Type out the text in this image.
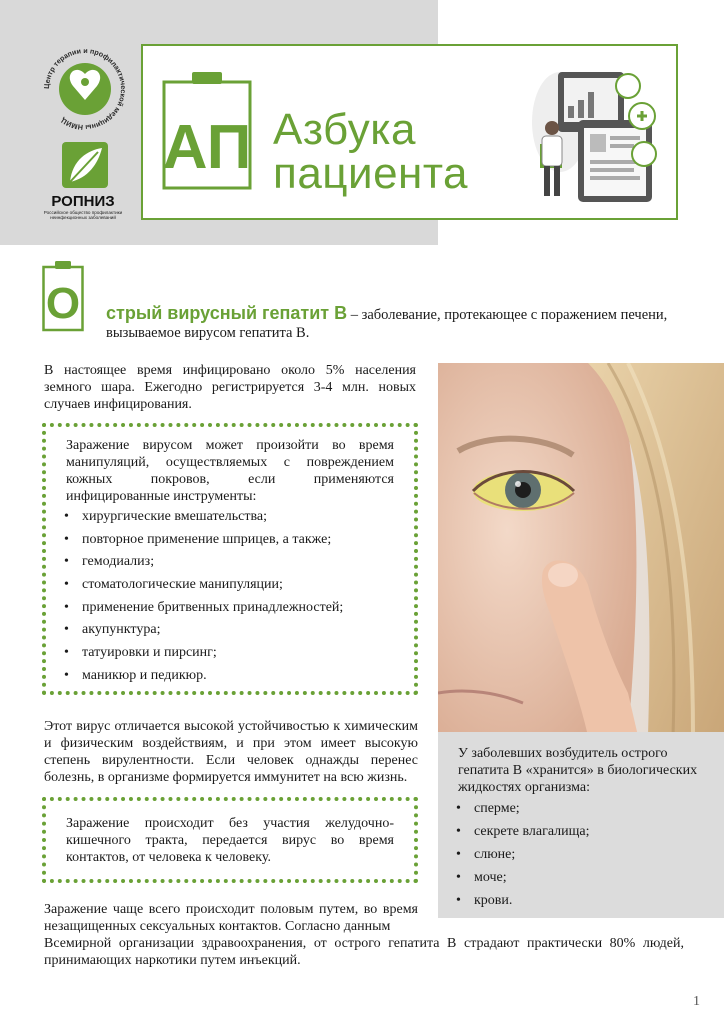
Центр терапии и профилактической медицины НМИЦ
РОПНИЗ
Российское общество профилактики неинфекционных заболеваний
АП Азбука
пациента
О стрый вирусный гепатит В – заболевание, протекающее с поражением печени, вызываемое вирусом гепатита В.

В настоящее время инфицировано около 5% населения земного шара. Ежегодно регистрируется 3-4 млн. новых случаев инфицирования.

Заражение вирусом может произойти во время манипуляций, осуществляемых с повреждением кожных покровов, если применяются инфицированные инструменты:

• хирургические вмешательства;
• повторное применение шприцев, а также;
• гемодиализ;
• стоматологические манипуляции;
• применение бритвенных принадлежностей;
• акупунктура;
• татуировки и пирсинг;
• маникюр и педикюр.

Этот вирус отличается высокой устойчивостью к химическим и физическим воздействиям, и при этом имеет высокую степень вирулентности. Если человек однажды перенес болезнь, в организме формируется иммунитет на всю жизнь.

Заражение происходит без участия желудочно-кишечного тракта, передается вирус во время контактов, от человека к человеку.

Заражение чаще всего происходит половым путем, во время незащищенных сексуальных контактов. Согласно данным

Всемирной организации здравоохранения, от острого гепатита В страдают практически 80% людей, принимающих наркотики путем инъекций.

У заболевших возбудитель острого гепатита В «хранится» в биологических жидкостях организма:

• сперме;
• секрете влагалища;
• слюне;
• моче;
• крови.
1
